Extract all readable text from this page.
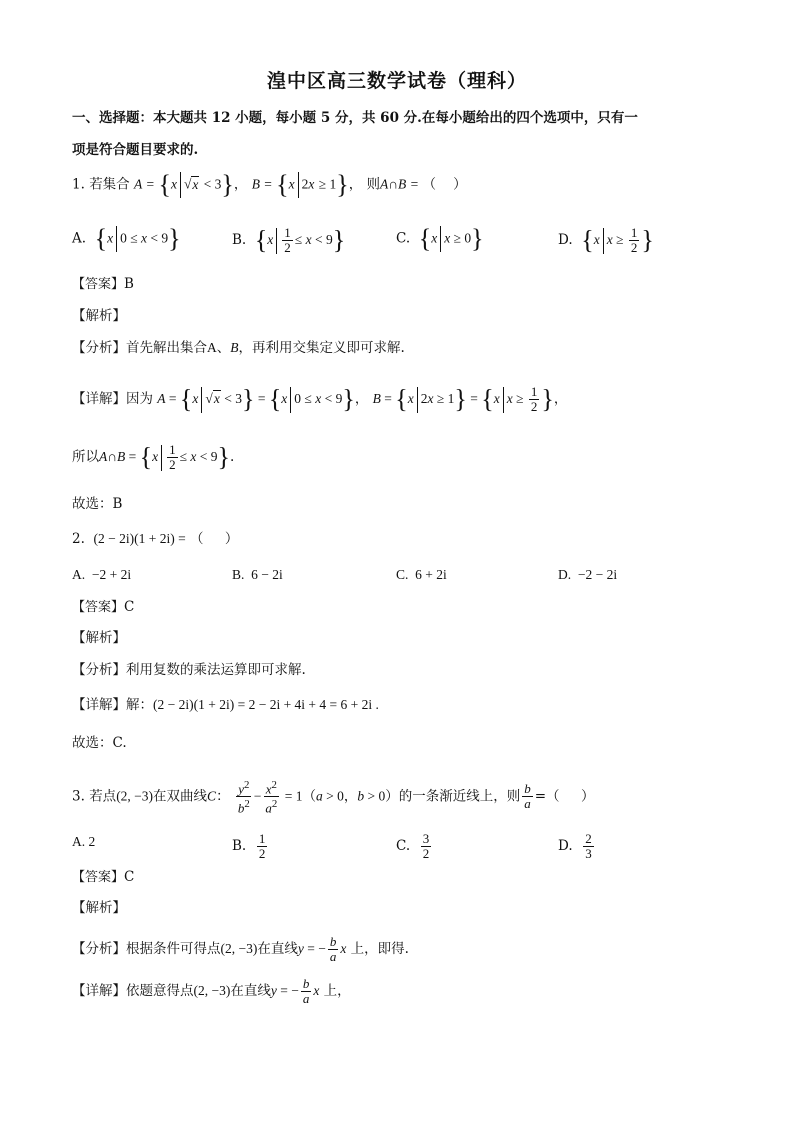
湟中区高三数学试卷（理科）
一、选择题：本大题共 12 小题，每小题 5 分，共 60 分.在每小题给出的四个选项中，只有一
项是符合题目要求的.
1. 若集合 A = {x √x < 3}， B = {x 2x ≥ 1}， 则A∩B = （    ）
A. {x 0 ≤ x < 9}	B. $\{x \frac{1}{2} \le x < 9\}$	C. {x x ≥ 0}	D. {x $x \ge \frac{1}{2}$ }
【答案】B
【解析】
【分析】首先解出集合A、B，再利用交集定义即可求解.
【详解】因为 A = {x √x < 3} = {x 0 ≤ x < 9}， B = {x 2x ≥ 1} = {x $x \ge \frac{1}{2}$ }，
所以A∩B = $\{x \frac{1}{2} \le x < 9\}$.
故选：B
2. (2 − 2i)(1 + 2i) = （     ）
A. −2 + 2i	B. 6 − 2i	C. 6 + 2i	D. −2 − 2i
【答案】C
【解析】
【分析】利用复数的乘法运算即可求解.
【详解】解：(2 − 2i)(1 + 2i) = 2 − 2i + 4i + 4 = 6 + 2i .
故选：C.
3. 若点(2, −3)在双曲线C： $\frac{y^2}{b^2} - \frac{x^2}{a^2} = 1(a > 0$，b > 0）的一条渐近线上，则 $\frac{b}{a}$ =（     ）
A. 2	B. $\frac{1}{2}$	C. $\frac{3}{2}$	D. $\frac{2}{3}$
【答案】C
【解析】
【分析】根据条件可得点(2, −3)在直线y = − $\frac{b}{a}$ x 上，即得.
【详解】依题意得点(2, −3)在直线y = − $\frac{b}{a}$ x 上，
